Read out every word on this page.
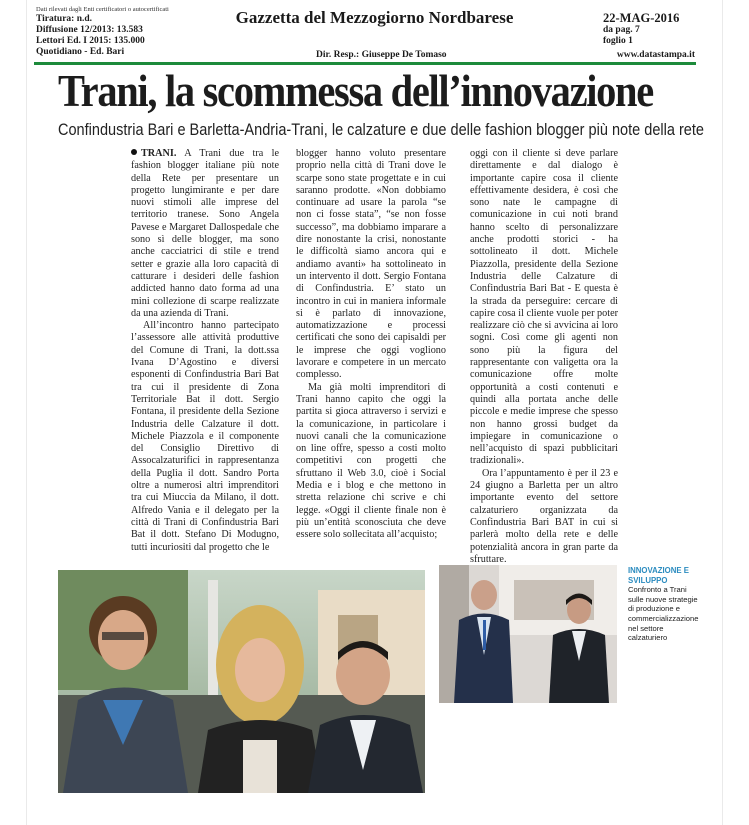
Dati rilevati dagli Enti certificatori o autocertificati
Tiratura: n.d.
Diffusione 12/2013: 13.583
Lettori Ed. I 2015: 135.000
Quotidiano - Ed. Bari
Gazzetta del Mezzogiorno Nordbarese	22-MAG-2016
da pag. 7
foglio 1
Dir. Resp.: Giuseppe De Tomaso	www.datastampa.it
Trani, la scommessa dell’innovazione
Confindustria Bari e Barletta-Andria-Trani, le calzature e due delle fashion blogger più note della rete

TRANI. A Trani due tra le fashion blogger italiane più note della Rete per presentare un progetto lungimirante e per dare nuovi stimoli alle imprese del territorio tranese. Sono Angela Pavese e Margaret Dallospedale che sono sì delle blogger, ma sono anche cacciatrici di stile e trend setter e grazie alla loro capacità di catturare i desideri delle fashion addicted hanno dato forma ad una mini collezione di scarpe realizzate da una azienda di Trani.

All’incontro hanno partecipato l’assessore alle attività produttive del Comune di Trani, la dott.ssa Ivana D’Agostino e diversi esponenti di Confindustria Bari Bat tra cui il presidente di Zona Territoriale Bat il dott. Sergio Fontana, il presidente della Sezione Industria delle Calzature il dott. Michele Piazzola e il componente del Consiglio Direttivo di Assocalzaturifici in rappresentanza della Puglia il dott. Sandro Porta oltre a numerosi altri imprenditori tra cui Miuccia da Milano, il dott. Alfredo Vania e il delegato per la città di Trani di Confindustria Bari Bat il dott. Stefano Di Modugno, tutti incuriositi dal progetto che le

blogger hanno voluto presentare proprio nella città di Trani dove le scarpe sono state progettate e in cui saranno prodotte. «Non dobbiamo continuare ad usare la parola “se non ci fosse stata”, “se non fosse successo”, ma dobbiamo imparare a dire nonostante la crisi, nonostante le difficoltà siamo ancora qui e andiamo avanti» ha sottolineato in un intervento il dott. Sergio Fontana di Confindustria. E’ stato un incontro in cui in maniera informale si è parlato di innovazione, automatizzazione e processi certificati che sono dei capisaldi per le imprese che oggi vogliono lavorare e competere in un mercato complesso.

Ma già molti imprenditori di Trani hanno capito che oggi la partita si gioca attraverso i servizi e la comunicazione, in particolare i nuovi canali che la comunicazione on line offre, spesso a costi molto competitivi con progetti che sfruttano il Web 3.0, cioè i Social Media e i blog e che mettono in stretta relazione chi scrive e chi legge. «Oggi il cliente finale non è più un’entità sconosciuta che deve essere solo sollecitata all’acquisto;

oggi con il cliente si deve parlare direttamente e dal dialogo è importante capire cosa il cliente effettivamente desidera, è così che sono nate le campagne di comunicazione in cui noti brand hanno scelto di personalizzare anche prodotti storici - ha sottolineato il dott. Michele Piazzolla, presidente della Sezione Industria delle Calzature di Confindustria Bari Bat - E questa è la strada da perseguire: cercare di capire cosa il cliente vuole per poter realizzare ciò che si avvicina ai loro sogni. Così come gli agenti non sono più la figura del rappresentante con valigetta ora la comunicazione offre molte opportunità a costi contenuti e quindi alla portata anche delle piccole e medie imprese che spesso non hanno grossi budget da impiegare in comunicazione o nell’acquisto di spazi pubblicitari tradizionali».

Ora l’appuntamento è per il 23 e 24 giugno a Barletta per un altro importante evento del settore calzaturiero organizzata da Confindustria Bari BAT in cui si parlerà molto della rete e delle potenzialità ancora in gran parte da sfruttare.

INNOVAZIONE E SVILUPPO
Confronto a Trani sulle nuove strategie di produzione e commercializzazione nel settore calzaturiero
